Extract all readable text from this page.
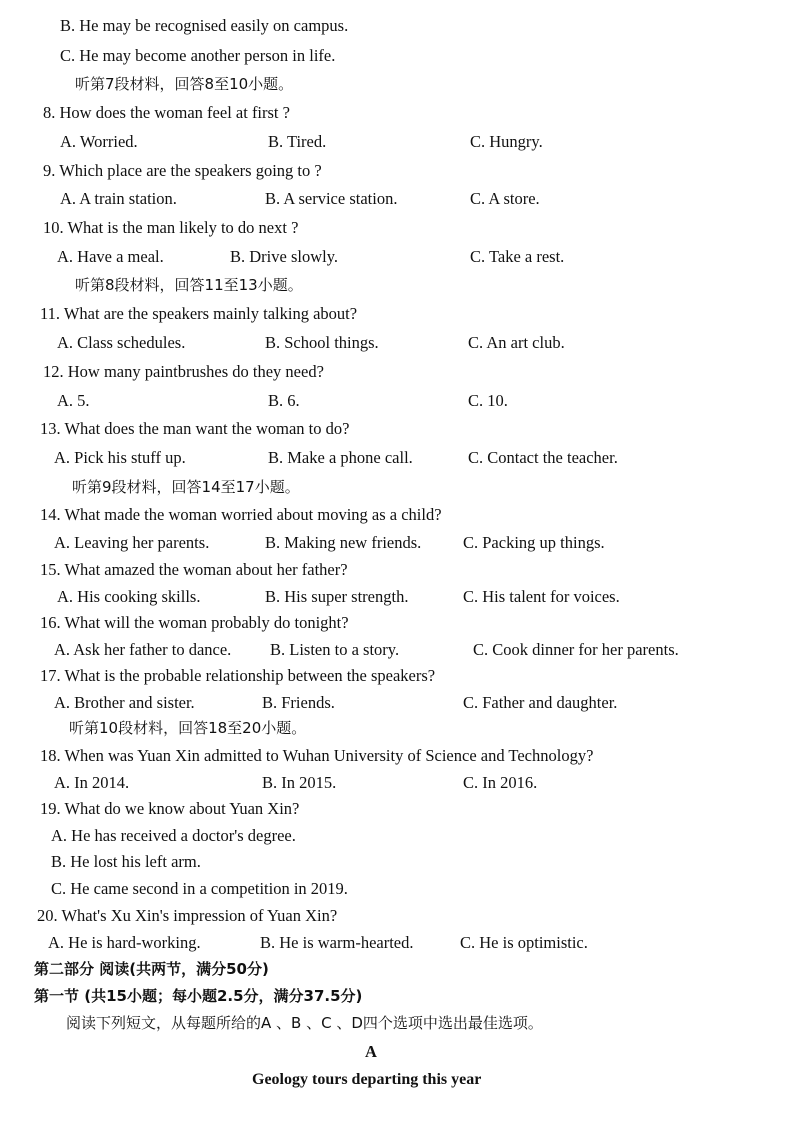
B. He may be recognised easily on campus.
C. He may become another person in life.
听第7段材料，回答8至10小题。
8. How does the woman feel at first ?
A. Worried.	B. Tired.	C. Hungry.
9. Which place are the speakers going to ?
A. A train station.	B. A service station.	C. A store.
10. What is the man likely to do next ?
A. Have a meal.	B. Drive slowly.	C. Take a rest.
听第8段材料，回答11至13小题。
11. What are the speakers mainly talking about?
A. Class schedules.	B. School things.	C. An art club.
12. How many paintbrushes do they need?
A. 5.	B. 6.	C. 10.
13. What does the man want the woman to do?
A. Pick his stuff up.	B. Make a phone call.	C. Contact the teacher.
听第9段材料，回答14至17小题。
14. What made the woman worried about moving as a child?
A. Leaving her parents.	B. Making new friends.	C. Packing up things.
15. What amazed the woman about her father?
A. His cooking skills.	B. His super strength.	C. His talent for voices.
16. What will the woman probably do tonight?
A. Ask her father to dance. B. Listen to a story.	C. Cook dinner for her parents.
17. What is the probable relationship between the speakers?
A. Brother and sister.	B. Friends.	C. Father and daughter.
听第10段材料，回答18至20小题。
18. When was Yuan Xin admitted to Wuhan University of Science and Technology?
A. In 2014.	B. In 2015.	C. In 2016.
19. What do we know about Yuan Xin?
A. He has received a doctor's degree.
B. He lost his left arm.
C. He came second in a competition in 2019.
20. What's Xu Xin's impression of Yuan Xin?
A. He is hard-working.	B. He is warm-hearted.	C. He is optimistic.
第二部分 阅读(共两节，满分50分)
第一节 (共15小题；每小题2.5分，满分37.5分)
阅读下列短文，从每题所给的A 、B 、C 、D四个选项中选出最佳选项。
A
Geology tours departing this year
